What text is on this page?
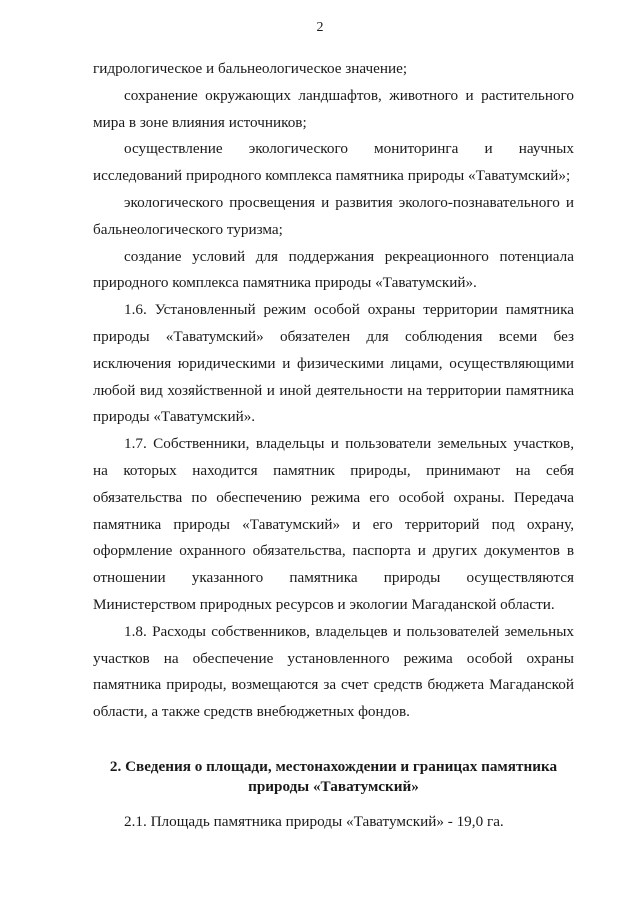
2

гидрологическое и бальнеологическое значение;

сохранение окружающих ландшафтов, животного и растительного мира в зоне влияния источников;

осуществление экологического мониторинга и научных исследований природного комплекса памятника природы «Таватумский»;

экологического просвещения и развития эколого-познавательного и бальнеологического туризма;

создание условий для поддержания рекреационного потенциала природного комплекса памятника природы «Таватумский».

1.6. Установленный режим особой охраны территории памятника природы «Таватумский» обязателен для соблюдения всеми без исключения юридическими и физическими лицами, осуществляющими любой вид хозяйственной и иной деятельности на территории памятника природы «Таватумский».

1.7. Собственники, владельцы и пользователи земельных участков, на которых находится памятник природы, принимают на себя обязательства по обеспечению режима его особой охраны. Передача памятника природы «Таватумский» и его территорий под охрану, оформление охранного обязательства, паспорта и других документов в отношении указанного памятника природы осуществляются Министерством природных ресурсов и экологии Магаданской области.

1.8. Расходы собственников, владельцев и пользователей земельных участков на обеспечение установленного режима особой охраны памятника природы, возмещаются за счет средств бюджета Магаданской области, а также средств внебюджетных фондов.

2. Сведения о площади, местонахождении и границах памятника
природы «Таватумский»

2.1. Площадь памятника природы «Таватумский» - 19,0 га.
